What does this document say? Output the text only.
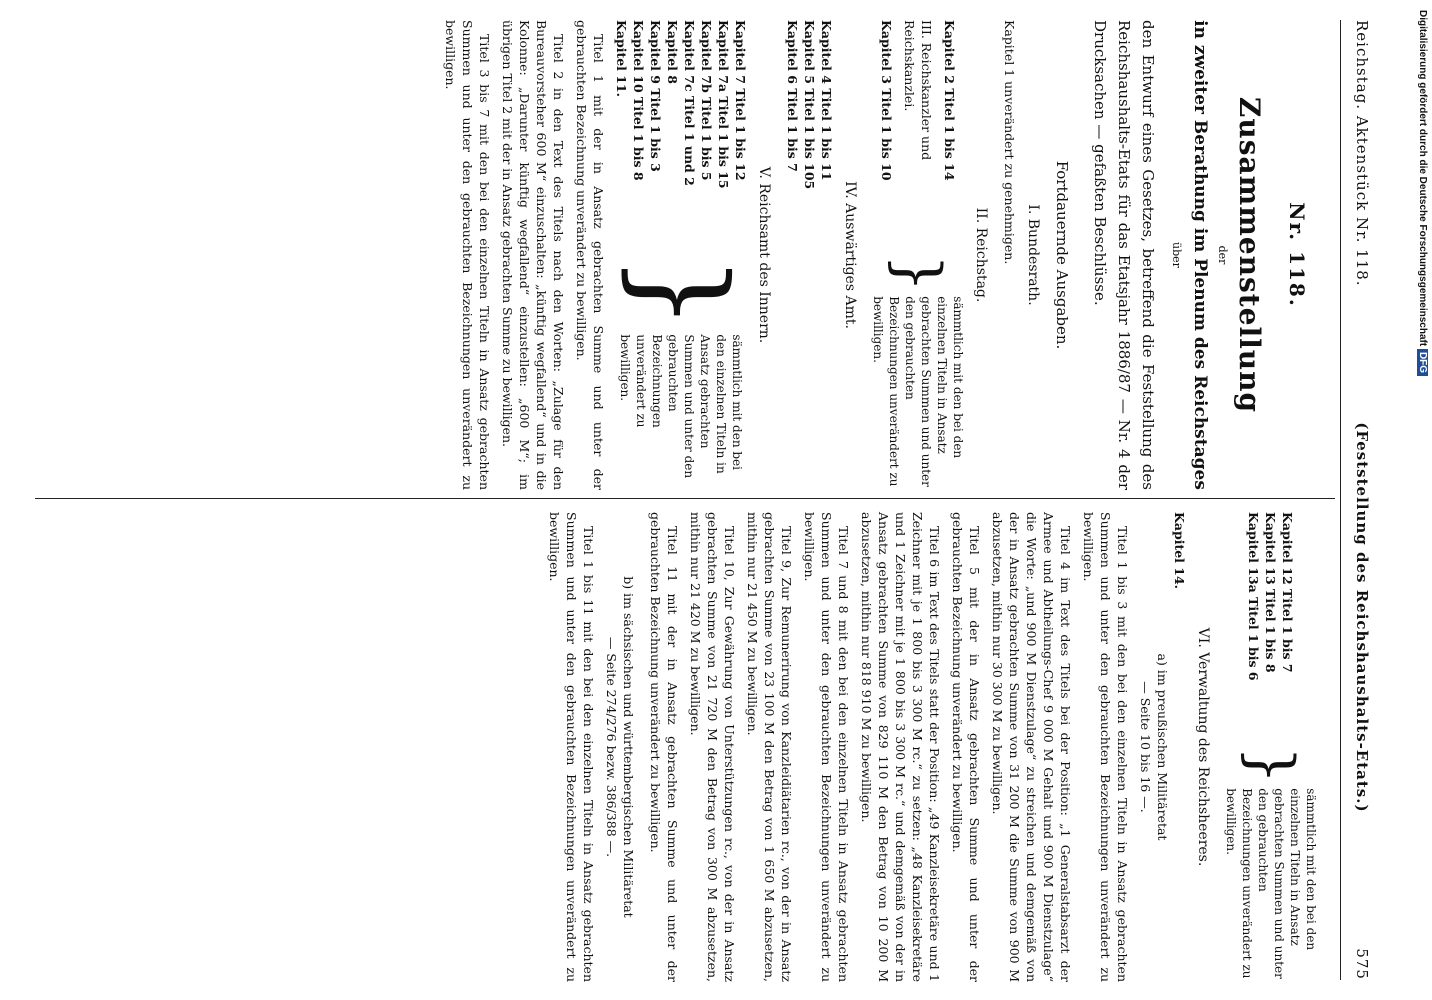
Reichstag. Aktenstück Nr. 118.
(Feststellung des Reichshaushalts-Etats.)
575
Nr. 118.
Zusammenstellung
der
in zweiter Berathung im Plenum des Reichstages
über
den Entwurf eines Gesetzes, betreffend die Feststellung des Reichshaushalts-Etats für das Etatsjahr 1886/87 — Nr. 4 der Drucksachen — gefaßten Beschlüsse.
Fortdauernde Ausgaben.
I. Bundesrath.
Kapitel 1 unverändert zu genehmigen.
II. Reichstag.
Kapitel 2 Titel 1 bis 14
III. Reichskanzler und Reichskanzlei.
Kapitel 3 Titel 1 bis 10
}
sämmtlich mit den bei den einzelnen Titeln in Ansatz gebrachten Summen und unter den gebrauchten Bezeichnungen unverändert zu bewilligen.
IV. Auswärtiges Amt.
Kapitel 4 Titel 1 bis 11
Kapitel 5 Titel 1 bis 105
Kapitel 6 Titel 1 bis 7
V. Reichsamt des Innern.
Kapitel 7 Titel 1 bis 12
Kapitel 7a Titel 1 bis 15
Kapitel 7b Titel 1 bis 5
Kapitel 7c Titel 1 und 2
Kapitel 8
Kapitel 9 Titel 1 bis 3
Kapitel 10 Titel 1 bis 8
Kapitel 11.
}
sämmtlich mit den bei den einzelnen Titeln in Ansatz gebrachten Summen und unter den gebrauchten Bezeichnungen unverändert zu bewilligen.
Titel 1 mit der in Ansatz gebrachten Summe und unter der gebrauchten Bezeichnung unverändert zu bewilligen.
Titel 2 in den Text des Titels nach den Worten: „Zulage für den Bureauvorsteher 600 M“ einzuschalten: „künftig wegfallend“ und in die Kolonne: „Darunter künftig wegfallend“ einzustellen: „600 M“; im übrigen Titel 2 mit der in Ansatz gebrachten Summe zu bewilligen.
Titel 3 bis 7 mit den bei den einzelnen Titeln in Ansatz gebrachten Summen und unter den gebrauchten Bezeichnungen unverändert zu bewilligen.
Kapitel 12 Titel 1 bis 7
Kapitel 13 Titel 1 bis 8
Kapitel 13a Titel 1 bis 6
}
sämmtlich mit den bei den einzelnen Titeln in Ansatz gebrachten Summen und unter den gebrauchten Bezeichnungen unverändert zu bewilligen.
VI. Verwaltung des Reichsheeres.
Kapitel 14.
a) im preußischen Militäretat
— Seite 10 bis 16 —.
Titel 1 bis 3 mit den bei den einzelnen Titeln in Ansatz gebrachten Summen und unter den gebrauchten Bezeichnungen unverändert zu bewilligen.
Titel 4 im Text des Titels bei der Position: „1 Generalstabsarzt der Armee und Abtheilungs-Chef 9 000 M Gehalt und 900 M Dienstzulage“ die Worte: „und 900 M Dienstzulage“ zu streichen und demgemäß von der in Ansatz gebrachten Summe von 31 200 M die Summe von 900 M abzusetzen, mithin nur 30 300 M zu bewilligen.
Titel 5 mit der in Ansatz gebrachten Summe und unter der gebrauchten Bezeichnung unverändert zu bewilligen.
Titel 6 im Text des Titels statt der Position: „49 Kanzleisekretäre und 1 Zeichner mit je 1 800 bis 3 300 M rc.“ zu setzen: „48 Kanzleisekretäre und 1 Zeichner mit je 1 800 bis 3 300 M rc.“ und demgemäß von der in Ansatz gebrachten Summe von 829 110 M den Betrag von 10 200 M abzusetzen, mithin nur 818 910 M zu bewilligen.
Titel 7 und 8 mit den bei den einzelnen Titeln in Ansatz gebrachten Summen und unter den gebrauchten Bezeichnungen unverändert zu bewilligen.
Titel 9, Zur Remunerirung von Kanzleidiätarien rc., von der in Ansatz gebrachten Summe von 23 100 M den Betrag von 1 650 M abzusetzen, mithin nur 21 450 M zu bewilligen.
Titel 10, Zur Gewährung von Unterstützungen rc., von der in Ansatz gebrachten Summe von 21 720 M den Betrag von 300 M abzusetzen, mithin nur 21 420 M zu bewilligen.
Titel 11 mit der in Ansatz gebrachten Summe und unter der gebrauchten Bezeichnung unverändert zu bewilligen.
b) im sächsischen und württembergischen Militäretat
— Seite 274/276 bezw. 386/388 —.
Titel 1 bis 11 mit den bei den einzelnen Titeln in Ansatz gebrachten Summen und unter den gebrauchten Bezeichnungen unverändert zu bewilligen.
Digitalisierung gefördert durch die Deutsche Forschungsgemeinschaft DFG
